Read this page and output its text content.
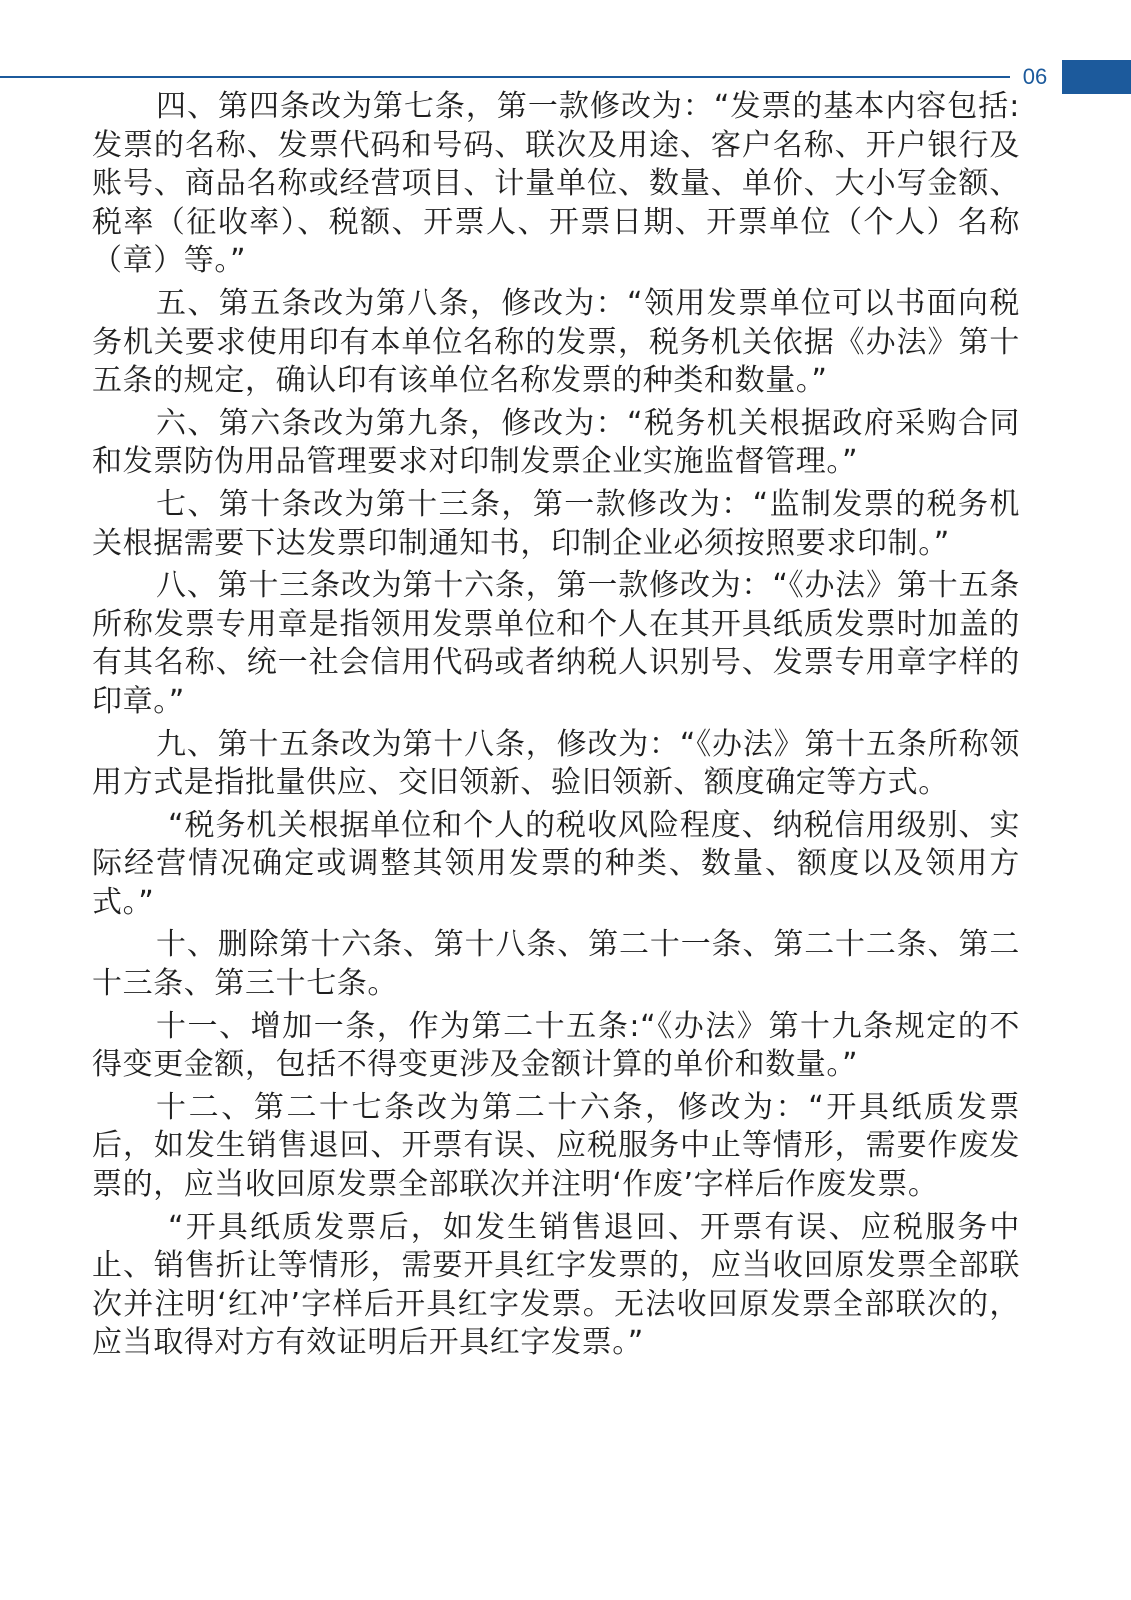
06

四、第四条改为第七条，第一款修改为：“发票的基本内容包括:发票的名称、发票代码和号码、联次及用途、客户名称、开户银行及账号、商品名称或经营项目、计量单位、数量、单价、大小写金额、税率（征收率）、税额、开票人、开票日期、开票单位（个人）名称（章）等。”

五、第五条改为第八条，修改为：“领用发票单位可以书面向税务机关要求使用印有本单位名称的发票，税务机关依据《办法》第十五条的规定，确认印有该单位名称发票的种类和数量。”

六、第六条改为第九条，修改为：“税务机关根据政府采购合同和发票防伪用品管理要求对印制发票企业实施监督管理。”

七、第十条改为第十三条，第一款修改为：“监制发票的税务机关根据需要下达发票印制通知书，印制企业必须按照要求印制。”

八、第十三条改为第十六条，第一款修改为：“《办法》第十五条所称发票专用章是指领用发票单位和个人在其开具纸质发票时加盖的有其名称、统一社会信用代码或者纳税人识别号、发票专用章字样的印章。”

九、第十五条改为第十八条，修改为：“《办法》第十五条所称领用方式是指批量供应、交旧领新、验旧领新、额度确定等方式。

“税务机关根据单位和个人的税收风险程度、纳税信用级别、实际经营情况确定或调整其领用发票的种类、数量、额度以及领用方式。”

十、删除第十六条、第十八条、第二十一条、第二十二条、第二十三条、第三十七条。

十一、增加一条，作为第二十五条:“《办法》第十九条规定的不得变更金额，包括不得变更涉及金额计算的单价和数量。”

十二、第二十七条改为第二十六条，修改为：“开具纸质发票后，如发生销售退回、开票有误、应税服务中止等情形，需要作废发票的，应当收回原发票全部联次并注明‘作废’字样后作废发票。

“开具纸质发票后，如发生销售退回、开票有误、应税服务中止、销售折让等情形，需要开具红字发票的，应当收回原发票全部联次并注明‘红冲’字样后开具红字发票。无法收回原发票全部联次的，应当取得对方有效证明后开具红字发票。”
